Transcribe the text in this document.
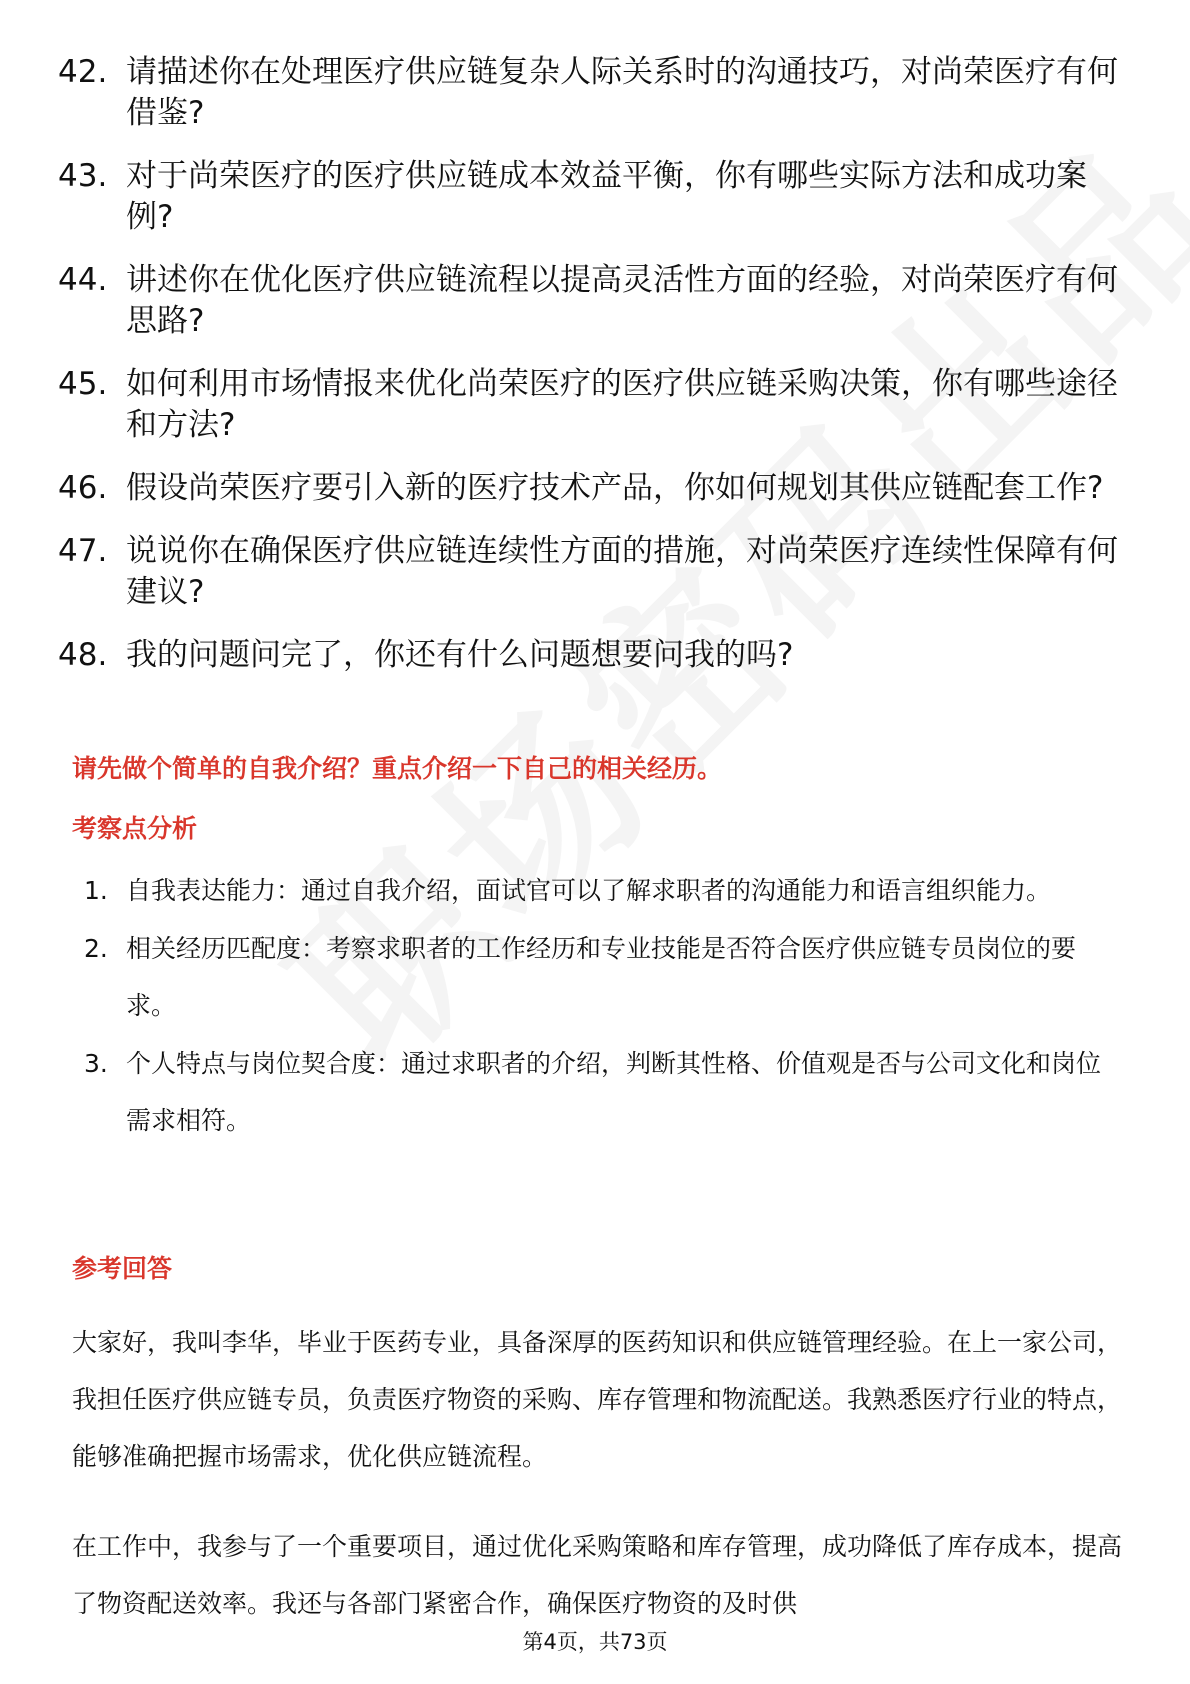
42. 请描述你在处理医疗供应链复杂人际关系时的沟通技巧，对尚荣医疗有何借鉴?
43. 对于尚荣医疗的医疗供应链成本效益平衡，你有哪些实际方法和成功案例?
44. 讲述你在优化医疗供应链流程以提高灵活性方面的经验，对尚荣医疗有何思路?
45. 如何利用市场情报来优化尚荣医疗的医疗供应链采购决策，你有哪些途径和方法?
46. 假设尚荣医疗要引入新的医疗技术产品，你如何规划其供应链配套工作?
47. 说说你在确保医疗供应链连续性方面的措施，对尚荣医疗连续性保障有何建议?
48. 我的问题问完了，你还有什么问题想要问我的吗?
请先做个简单的自我介绍？重点介绍一下自己的相关经历。
考察点分析
1. 自我表达能力：通过自我介绍，面试官可以了解求职者的沟通能力和语言组织能力。
2. 相关经历匹配度：考察求职者的工作经历和专业技能是否符合医疗供应链专员岗位的要求。
3. 个人特点与岗位契合度：通过求职者的介绍，判断其性格、价值观是否与公司文化和岗位需求相符。
参考回答

大家好，我叫李华，毕业于医药专业，具备深厚的医药知识和供应链管理经验。在上一家公司，我担任医疗供应链专员，负责医疗物资的采购、库存管理和物流配送。我熟悉医疗行业的特点，能够准确把握市场需求，优化供应链流程。

在工作中，我参与了一个重要项目，通过优化采购策略和库存管理，成功降低了库存成本，提高了物资配送效率。我还与各部门紧密合作，确保医疗物资的及时供

第4页，共73页
